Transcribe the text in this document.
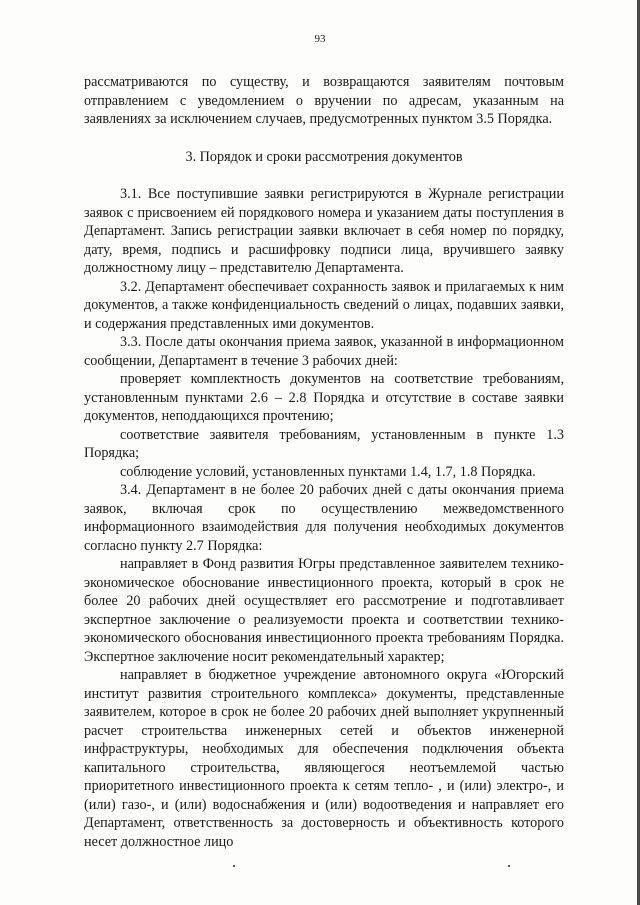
93

рассматриваются по существу, и возвращаются заявителям почтовым отправлением с уведомлением о вручении по адресам, указанным на заявлениях за исключением случаев, предусмотренных пунктом 3.5 Порядка.

3. Порядок и сроки рассмотрения документов

3.1. Все поступившие заявки регистрируются в Журнале регистрации заявок с присвоением ей порядкового номера и указанием даты поступления в Департамент. Запись регистрации заявки включает в себя номер по порядку, дату, время, подпись и расшифровку подписи лица, вручившего заявку должностному лицу – представителю Департамента.

3.2. Департамент обеспечивает сохранность заявок и прилагаемых к ним документов, а также конфиденциальность сведений о лицах, подавших заявки, и содержания представленных ими документов.

3.3. После даты окончания приема заявок, указанной в информационном сообщении, Департамент в течение 3 рабочих дней:

проверяет комплектность документов на соответствие требованиям, установленным пунктами 2.6 – 2.8 Порядка и отсутствие в составе заявки документов, неподдающихся прочтению;

соответствие заявителя требованиям, установленным в пункте 1.3 Порядка;

соблюдение условий, установленных пунктами 1.4, 1.7, 1.8 Порядка.

3.4. Департамент в не более 20 рабочих дней с даты окончания приема заявок, включая срок по осуществлению межведомственного информационного взаимодействия для получения необходимых документов согласно пункту 2.7 Порядка:

направляет в Фонд развития Югры представленное заявителем технико-экономическое обоснование инвестиционного проекта, который в срок не более 20 рабочих дней осуществляет его рассмотрение и подготавливает экспертное заключение о реализуемости проекта и соответствии технико-экономического обоснования инвестиционного проекта требованиям Порядка. Экспертное заключение носит рекомендательный характер;

направляет в бюджетное учреждение автономного округа «Югорский институт развития строительного комплекса» документы, представленные заявителем, которое в срок не более 20 рабочих дней выполняет укрупненный расчет строительства инженерных сетей и объектов инженерной инфраструктуры, необходимых для обеспечения подключения объекта капитального строительства, являющегося неотъемлемой частью приоритетного инвестиционного проекта к сетям тепло- , и (или) электро-, и (или) газо-, и (или) водоснабжения и (или) водоотведения и направляет его Департамент, ответственность за достоверность и объективность которого несет должностное лицо
